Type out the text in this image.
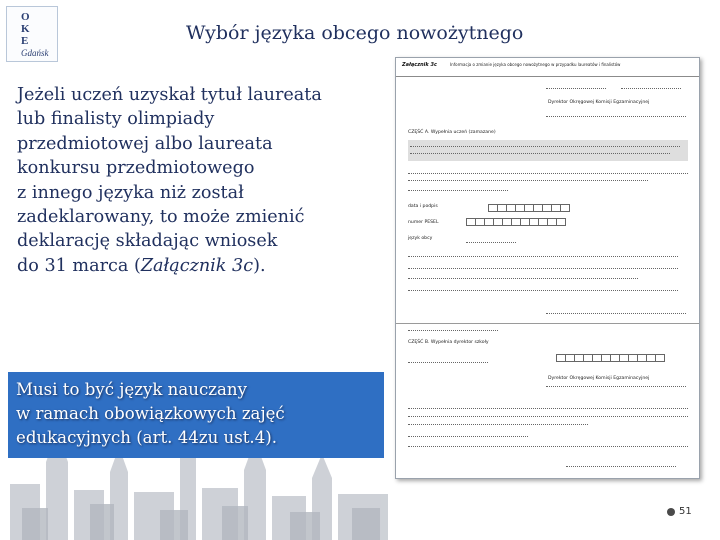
O
K
E
Gdańsk
Wybór języka obcego nowożytnego
Jeżeli uczeń uzyskał tytuł laureata
lub finalisty olimpiady
przedmiotowej albo laureata
konkursu przedmiotowego
z innego języka niż został
zadeklarowany, to może zmienić
deklarację składając wniosek
do 31 marca (Załącznik 3c).
Musi to być język nauczany
w ramach obowiązkowych zajęć
edukacyjnych (art. 44zu ust.4).
Załącznik 3c	Informacja o zmianie języka obcego nowożytnego w przypadku laureatów i finalistów
Dyrektor Okręgowej Komisji Egzaminacyjnej
CZĘŚĆ A. Wypełnia uczeń (zamazane)
data i podpis
numer PESEL
język obcy
CZĘŚĆ B. Wypełnia dyrektor szkoły
Dyrektor Okręgowej Komisji Egzaminacyjnej
51
